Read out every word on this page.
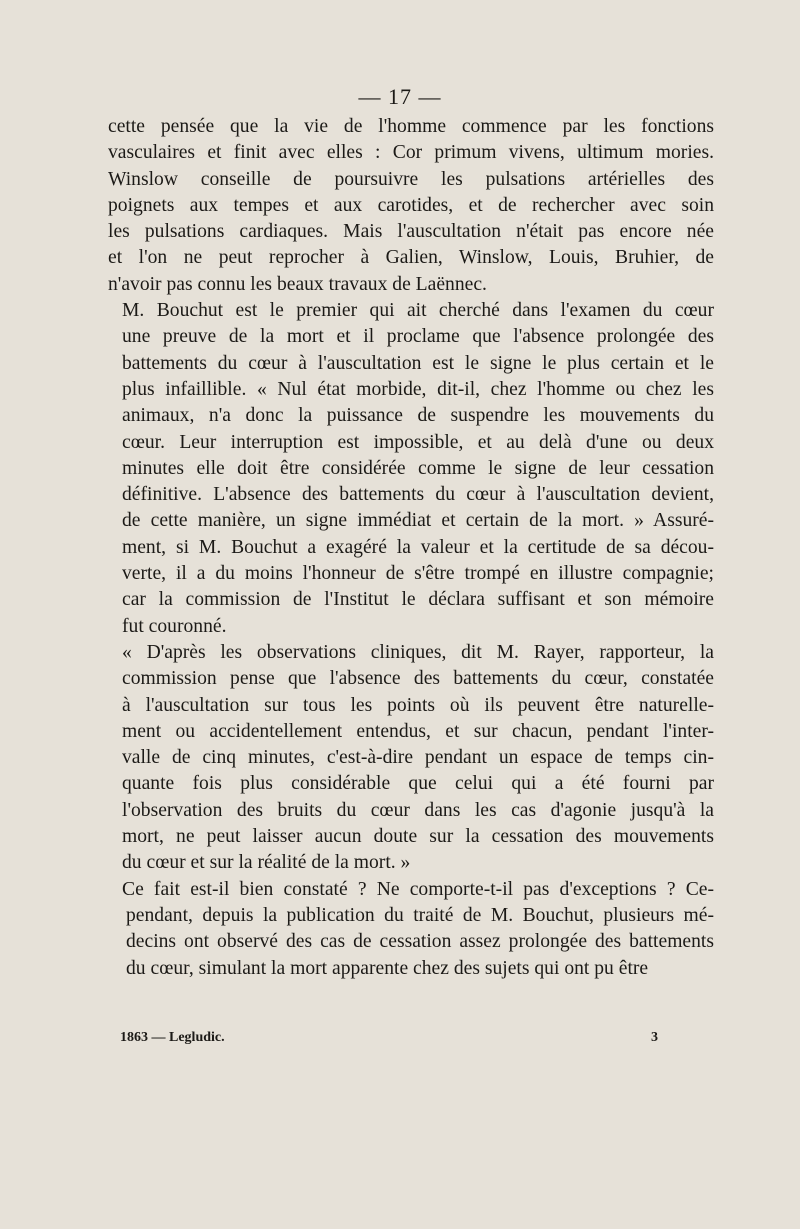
— 17 —

cette pensée que la vie de l'homme commence par les fonctions
vasculaires et finit avec elles : Cor primum vivens, ultimum mories.
Winslow conseille de poursuivre les pulsations artérielles des
poignets aux tempes et aux carotides, et de rechercher avec soin
les pulsations cardiaques. Mais l'auscultation n'était pas encore née
et l'on ne peut reprocher à Galien, Winslow, Louis, Bruhier, de
n'avoir pas connu les beaux travaux de Laënnec.

M. Bouchut est le premier qui ait cherché dans l'examen du cœur
une preuve de la mort et il proclame que l'absence prolongée des
battements du cœur à l'auscultation est le signe le plus certain et le
plus infaillible. « Nul état morbide, dit-il, chez l'homme ou chez les
animaux, n'a donc la puissance de suspendre les mouvements du
cœur. Leur interruption est impossible, et au delà d'une ou deux
minutes elle doit être considérée comme le signe de leur cessation
définitive. L'absence des battements du cœur à l'auscultation devient,
de cette manière, un signe immédiat et certain de la mort. » Assuré-
ment, si M. Bouchut a exagéré la valeur et la certitude de sa décou-
verte, il a du moins l'honneur de s'être trompé en illustre compagnie;
car la commission de l'Institut le déclara suffisant et son mémoire
fut couronné.

« D'après les observations cliniques, dit M. Rayer, rapporteur, la
commission pense que l'absence des battements du cœur, constatée
à l'auscultation sur tous les points où ils peuvent être naturelle-
ment ou accidentellement entendus, et sur chacun, pendant l'inter-
valle de cinq minutes, c'est-à-dire pendant un espace de temps cin-
quante fois plus considérable que celui qui a été fourni par
l'observation des bruits du cœur dans les cas d'agonie jusqu'à la
mort, ne peut laisser aucun doute sur la cessation des mouvements
du cœur et sur la réalité de la mort. »

Ce fait est-il bien constaté ? Ne comporte-t-il pas d'exceptions ? Ce-
pendant, depuis la publication du traité de M. Bouchut, plusieurs mé-
decins ont observé des cas de cessation assez prolongée des battements
du cœur, simulant la mort apparente chez des sujets qui ont pu être

1863 — Legludic.	3
